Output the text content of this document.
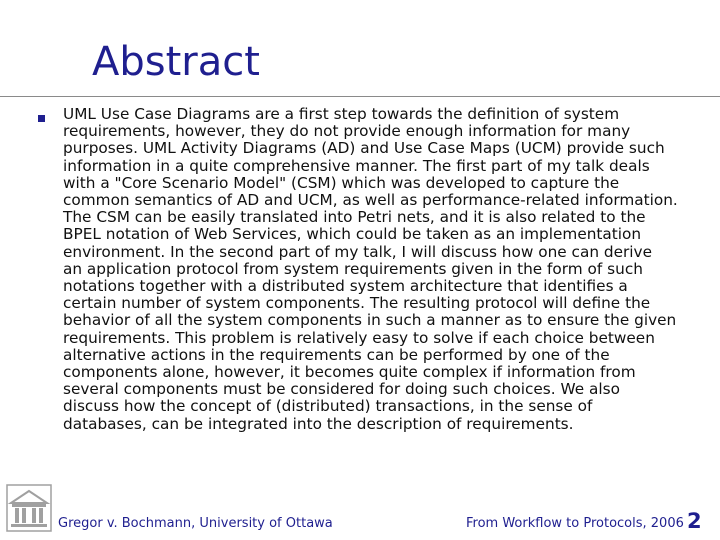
Abstract

UML Use Case Diagrams are a first step towards the definition of system
requirements, however, they do not provide enough information for many
purposes. UML Activity Diagrams (AD) and Use Case Maps (UCM) provide such
information in a quite comprehensive manner. The first part of my talk deals
with a "Core Scenario Model" (CSM) which was developed to capture the
common semantics of AD and UCM, as well as performance-related information.
The CSM can be easily translated into Petri nets, and it is also related to the
BPEL notation of Web Services, which could be taken as an implementation
environment. In the second part of my talk, I will discuss how one can derive
an application protocol from system requirements given in the form of such
notations together with a distributed system architecture that identifies a
certain number of system components. The resulting protocol will define the
behavior of all the system components in such a manner as to ensure the given
requirements. This problem is relatively easy to solve if each choice between
alternative actions in the requirements can be performed by one of the
components alone, however, it becomes quite complex if information from
several components must be considered for doing such choices. We also
discuss how the concept of (distributed) transactions, in the sense of
databases, can be integrated into the description of requirements.

Gregor v. Bochmann, University of Ottawa	From Workflow to Protocols, 2006 2
